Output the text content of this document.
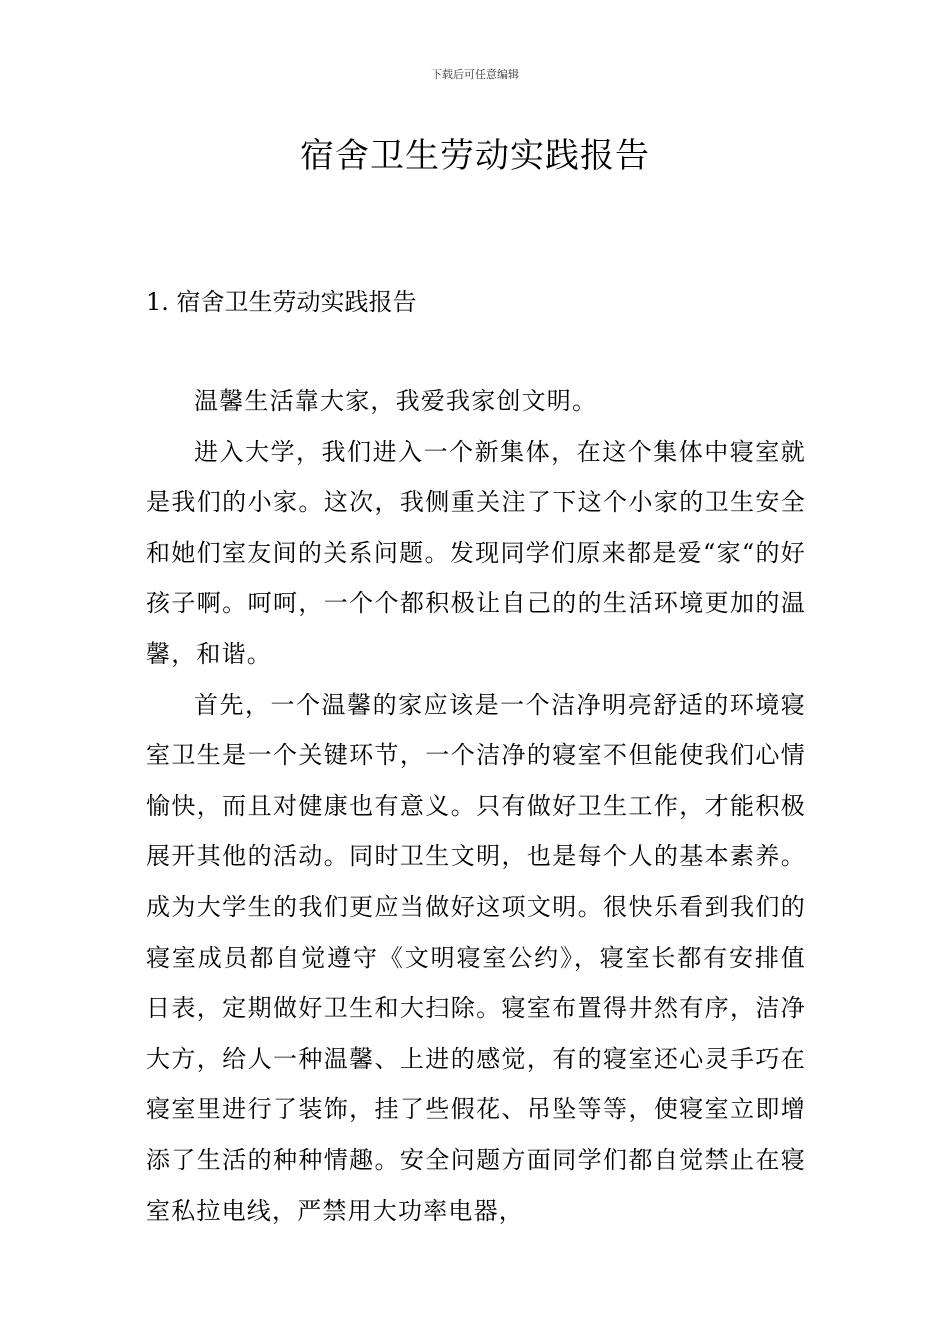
下载后可任意编辑
宿舍卫生劳动实践报告
1. 宿舍卫生劳动实践报告

温馨生活靠大家，我爱我家创文明。

进入大学，我们进入一个新集体，在这个集体中寝室就是我们的小家。这次，我侧重关注了下这个小家的卫生安全和她们室友间的关系问题。发现同学们原来都是爱“家“的好孩子啊。呵呵，一个个都积极让自己的的生活环境更加的温馨，和谐。

首先，一个温馨的家应该是一个洁净明亮舒适的环境寝室卫生是一个关键环节，一个洁净的寝室不但能使我们心情愉快，而且对健康也有意义。只有做好卫生工作，才能积极展开其他的活动。同时卫生文明，也是每个人的基本素养。成为大学生的我们更应当做好这项文明。很快乐看到我们的寝室成员都自觉遵守《文明寝室公约》，寝室长都有安排值日表，定期做好卫生和大扫除。寝室布置得井然有序，洁净大方，给人一种温馨、上进的感觉，有的寝室还心灵手巧在寝室里进行了装饰，挂了些假花、吊坠等等，使寝室立即增添了生活的种种情趣。安全问题方面同学们都自觉禁止在寝室私拉电线，严禁用大功率电器，
